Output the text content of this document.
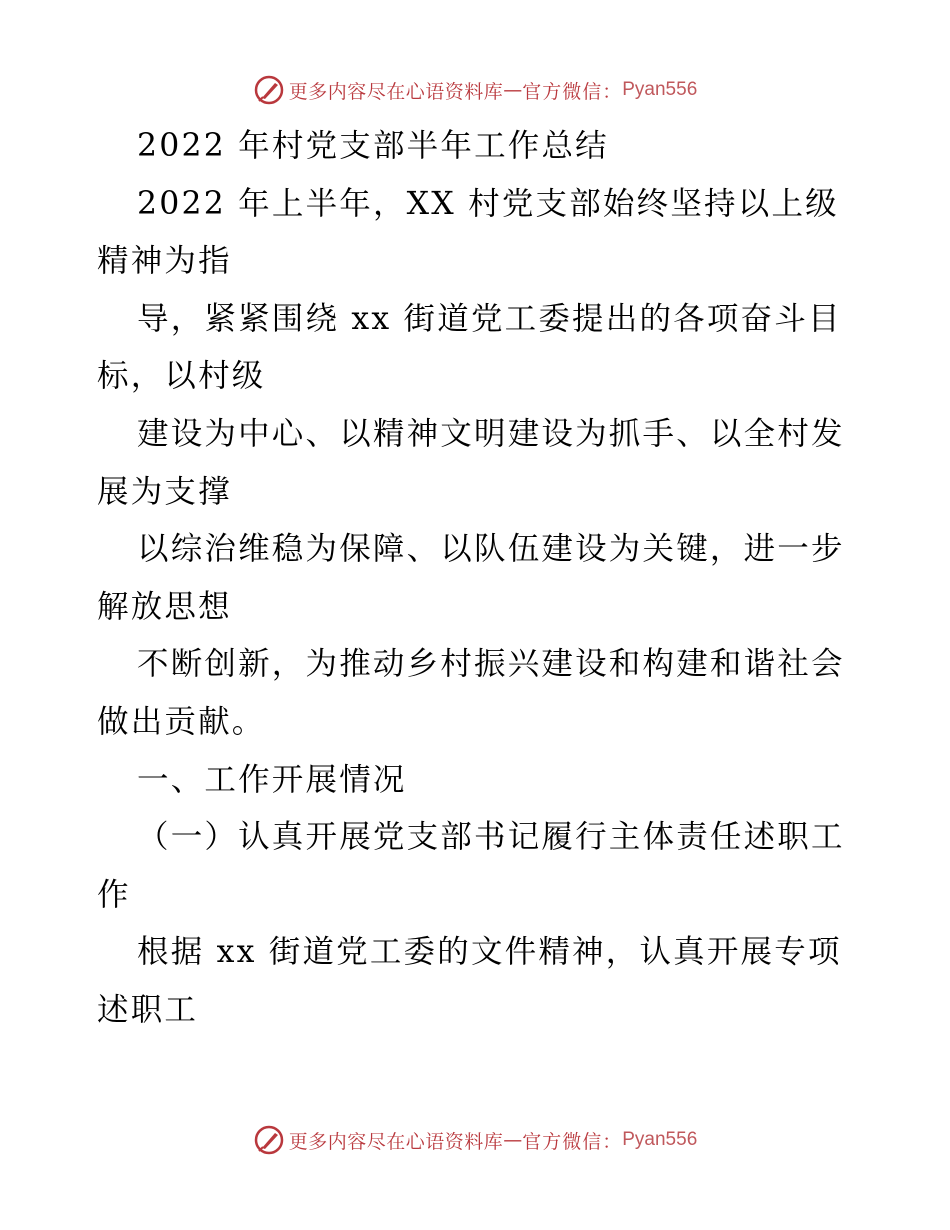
更多内容尽在心语资料库 — 官方微信： Pyan556

2022 年村党支部半年工作总结

2022 年上半年，XX 村党支部始终坚持以上级精神为指

导，紧紧围绕 xx 街道党工委提出的各项奋斗目标，以村级

建设为中心、以精神文明建设为抓手、以全村发展为支撑

以综治维稳为保障、以队伍建设为关键，进一步解放思想

不断创新，为推动乡村振兴建设和构建和谐社会做出贡献。

一、工作开展情况

（一）认真开展党支部书记履行主体责任述职工作

根据 xx 街道党工委的文件精神，认真开展专项述职工

更多内容尽在心语资料库 — 官方微信： Pyan556
